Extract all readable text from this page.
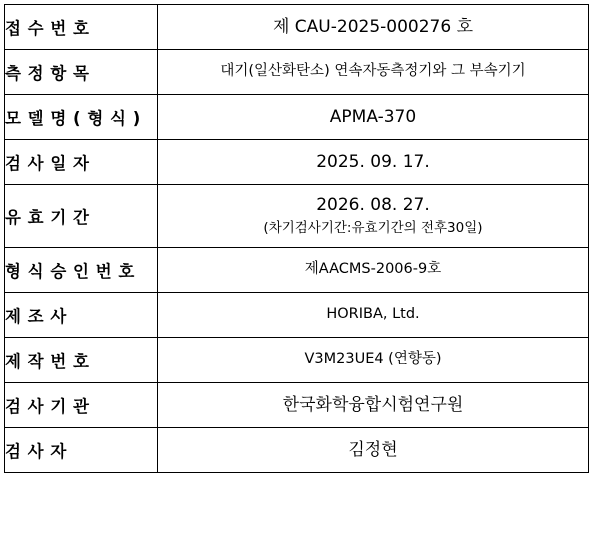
접 수 번 호	제 CAU-2025-000276 호

측 정 항 목	대기(일산화탄소) 연속자동측정기와 그 부속기기

모 델 명 ( 형 식 )	APMA-370

검 사 일 자	2025. 09. 17.

유 효 기 간	2026. 08. 27.
(차기검사기간:유효기간의 전후30일)

형 식 승 인 번 호	제AACMS-2006-9호

제 조 사	HORIBA, Ltd.

제 작 번 호	V3M23UE4 (연향동)

검 사 기 관	한국화학융합시험연구원

검 사 자	김정현
